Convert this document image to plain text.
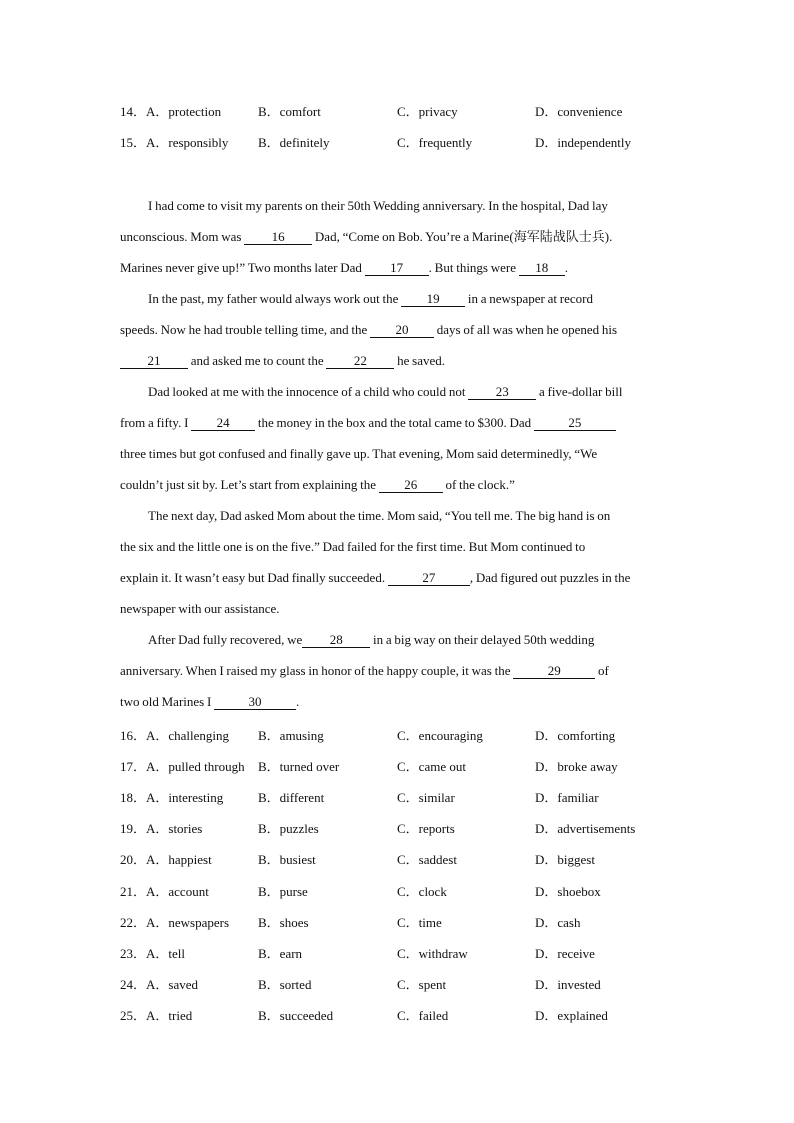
14．A．protection	B．comfort	C．privacy	D．convenience
15．A．responsibly B．definitely	C．frequently	D．independently
I had come to visit my parents on their 50th Wedding anniversary. In the hospital, Dad lay
unconscious. Mom was 16 Dad, “Come on Bob. You’re a Marine(海军陆战队士兵).
Marines never give up!” Two months later Dad 17 . But things were 18 .
In the past, my father would always work out the 19 in a newspaper at record
speeds. Now he had trouble telling time, and the 20 days of all was when he opened his
21 and asked me to count the 22 he saved.
Dad looked at me with the innocence of a child who could not 23 a five-dollar bill
from a fifty. I 24 the money in the box and the total came to $300. Dad	25
three times but got confused and finally gave up. That evening, Mom said determinedly, “We
couldn’t just sit by. Let’s start from explaining the 26 of the clock.”
The next day, Dad asked Mom about the time. Mom said, “You tell me. The big hand is on
the six and the little one is on the five.” Dad failed for the first time. But Mom continued to
explain it. It wasn’t easy but Dad finally succeeded.	27	, Dad figured out puzzles in the
newspaper with our assistance.
After Dad fully recovered, we 28 in a big way on their delayed 50th wedding
anniversary. When I raised my glass in honor of the happy couple, it was the	29	of
two old Marines I	30	.
16．A．challenging B．amusing	C．encouraging	D．comforting
17．A．pulled through B．turned over	C．came out	D．broke away
18．A．interesting	B．different	C．similar	D．familiar
19．A．stories	B．puzzles	C．reports	D．advertisements
20．A．happiest	B．busiest	C．saddest	D．biggest
21．A．account	B．purse	C．clock	D．shoebox
22．A．newspapers B．shoes	C．time	D．cash
23．A．tell	B．earn	C．withdraw	D．receive
24．A．saved	B．sorted	C．spent	D．invested
25．A．tried	B．succeeded	C．failed	D．explained
